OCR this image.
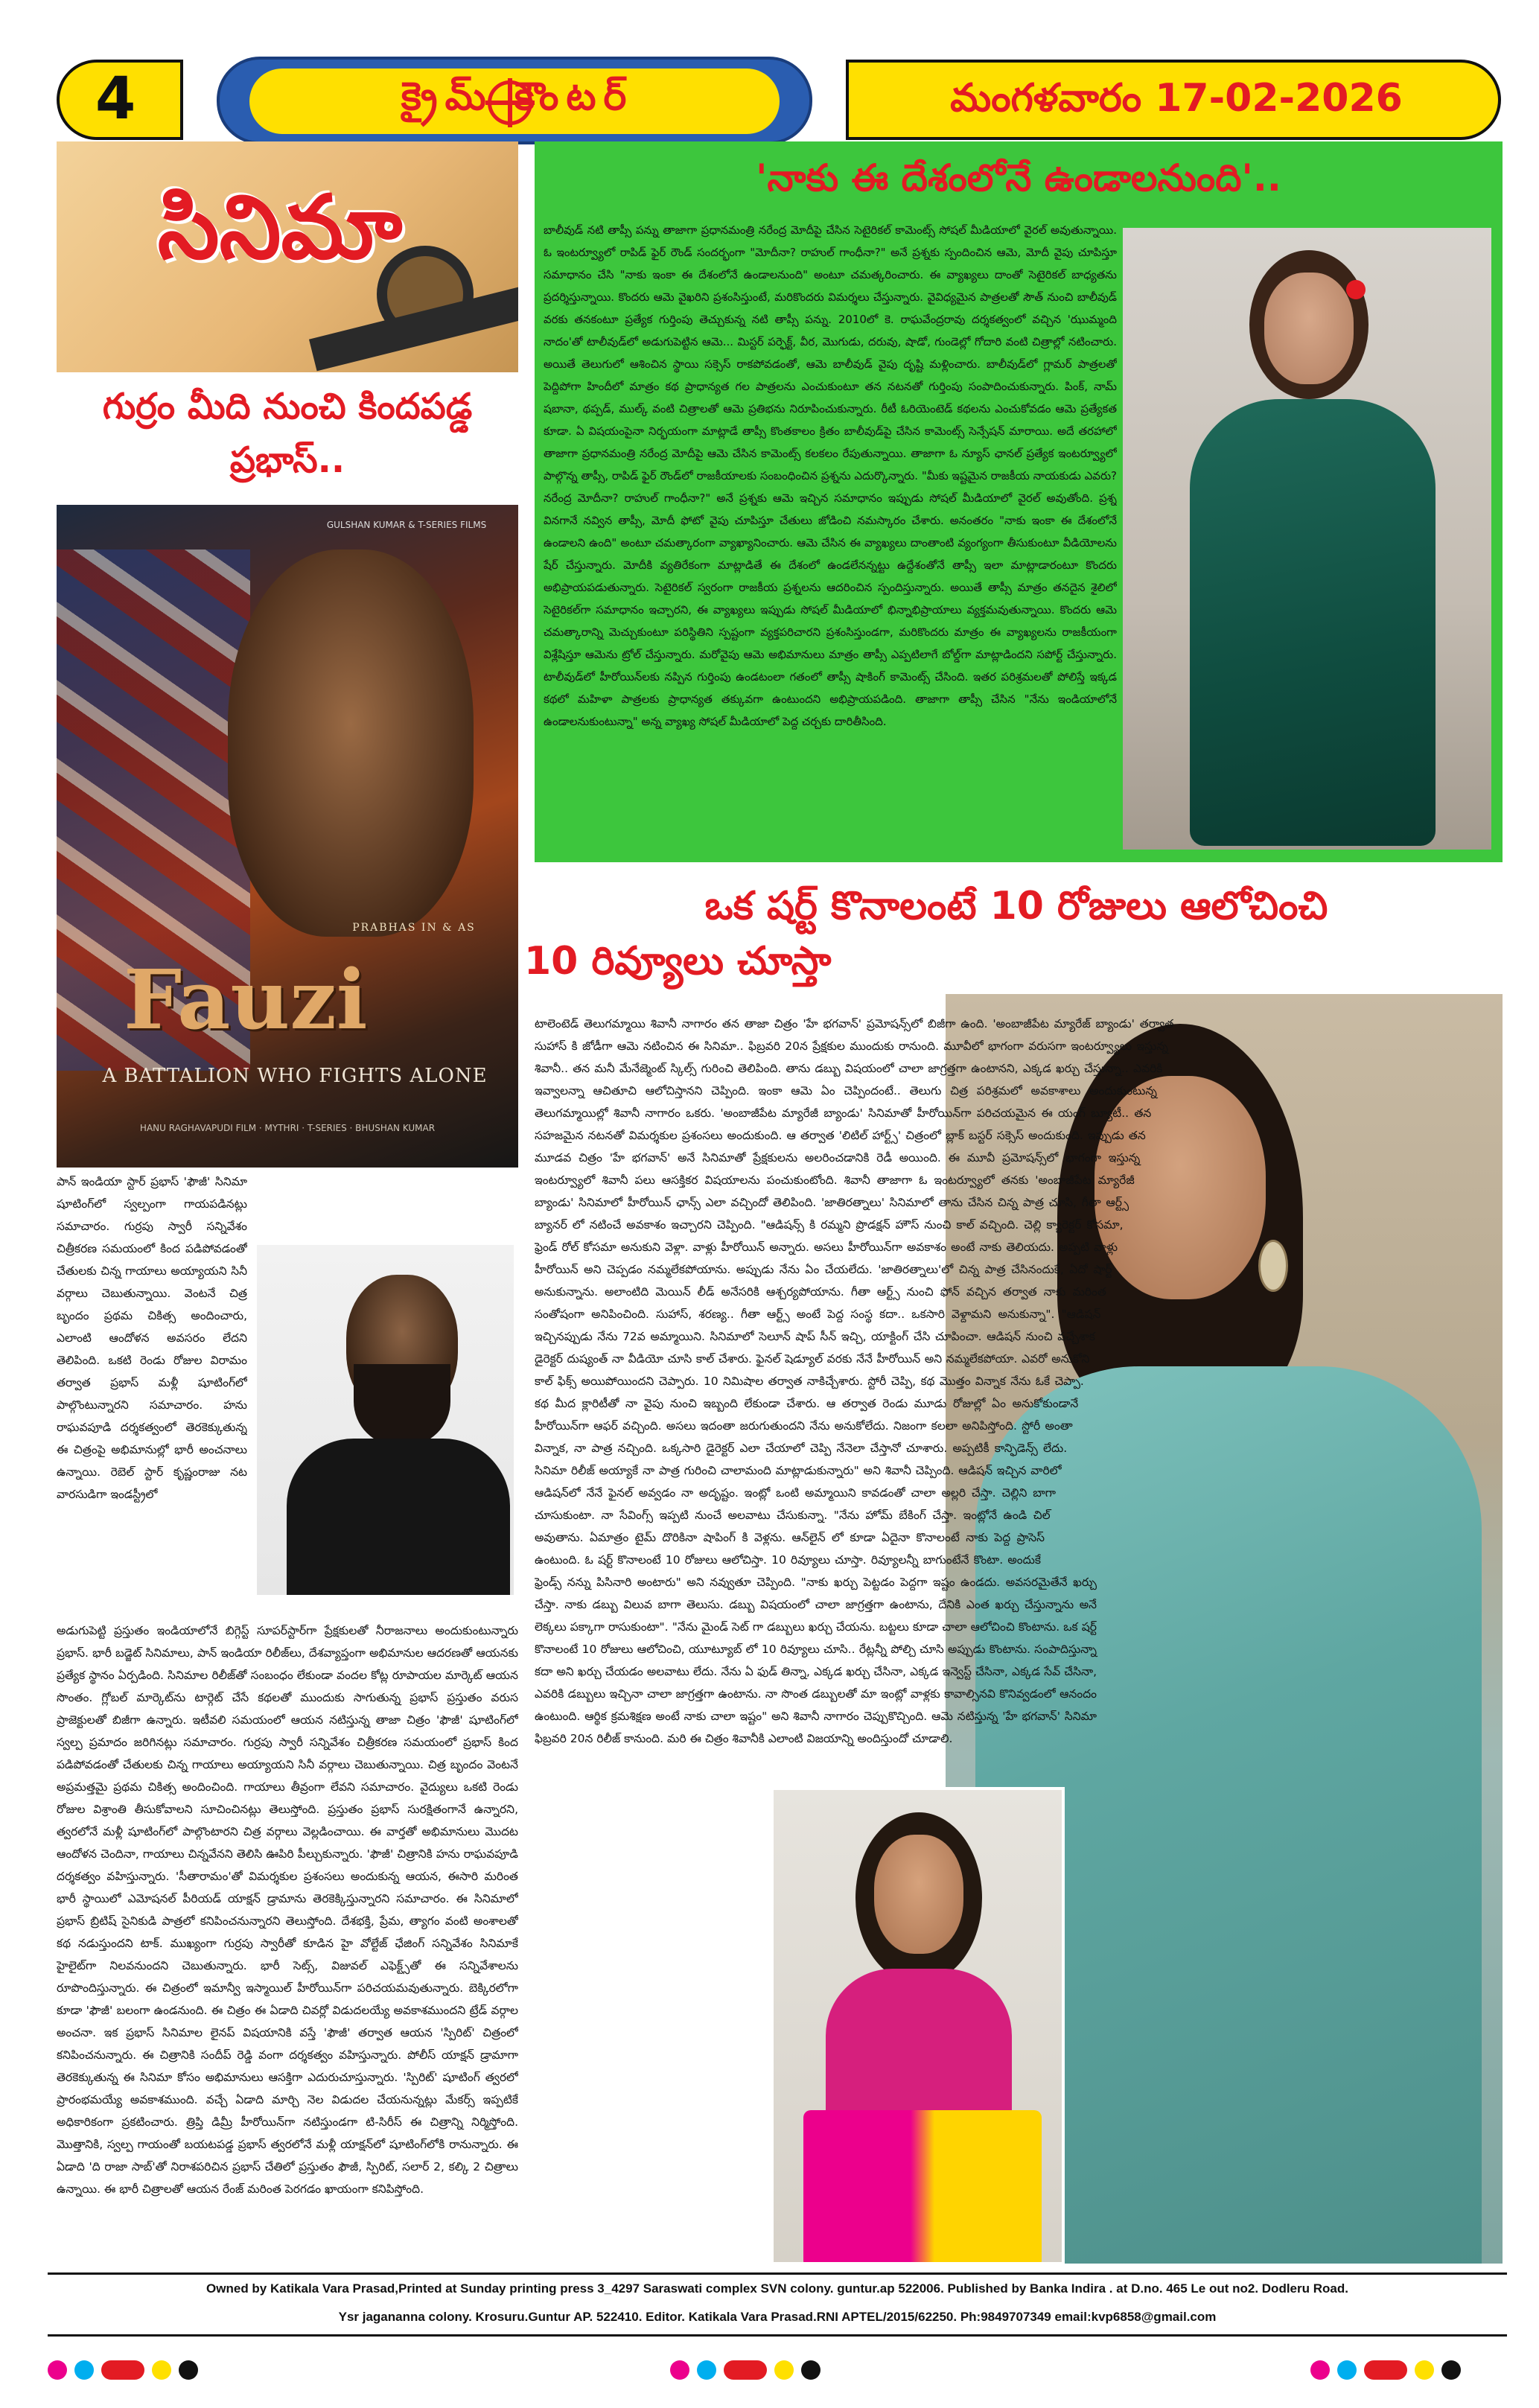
4	క్రైమ్ కౌంటర్	మంగళవారం 17-02-2026
సినిమా
గుర్రం మీది నుంచి కిందపడ్డ ప్రభాస్..
GULSHAN KUMAR & T-SERIES FILMS
PRABHAS IN & AS
Fauzi
A BATTALION WHO FIGHTS ALONE
HANU RAGHAVAPUDI FILM · MYTHRI · T-SERIES · BHUSHAN KUMAR

పాన్ ఇండియా స్టార్ ప్రభాస్ 'ఫౌజీ' సినిమా షూటింగ్‌లో స్వల్పంగా గాయపడినట్లు సమాచారం. గుర్రపు స్వారీ సన్నివేశం చిత్రీకరణ సమయంలో కింద పడిపోవడంతో చేతులకు చిన్న గాయాలు అయ్యాయని సినీ వర్గాలు చెబుతున్నాయి. వెంటనే చిత్ర బృందం ప్రథమ చికిత్స అందించారు, ఎలాంటి ఆందోళన అవసరం లేదని తెలిపింది. ఒకటి రెండు రోజుల విరామం తర్వాత ప్రభాస్ మళ్లీ షూటింగ్‌లో పాల్గొంటున్నారని సమాచారం. హను రాఘవపూడి దర్శకత్వంలో తెరకెక్కుతున్న ఈ చిత్రంపై అభిమానుల్లో భారీ అంచనాలు ఉన్నాయి. రెబెల్ స్టార్ కృష్ణంరాజు నట వారసుడిగా ఇండస్ట్రీలో

అడుగుపెట్టి ప్రస్తుతం ఇండియాలోనే బిగ్గెస్ట్ సూపర్‌స్టార్‌గా ప్రేక్షకులతో నీరాజనాలు అందుకుంటున్నారు ప్రభాస్. భారీ బడ్జెట్ సినిమాలు, పాన్ ఇండియా రిలీజ్‌లు, దేశవ్యాప్తంగా అభిమానుల ఆదరణతో ఆయనకు ప్రత్యేక స్థానం ఏర్పడింది. సినిమాల రిలీజ్‌తో సంబంధం లేకుండా వందల కోట్ల రూపాయల మార్కెట్ ఆయన సొంతం. గ్లోబల్ మార్కెట్‌ను టార్గెట్ చేసే కథలతో ముందుకు సాగుతున్న ప్రభాస్ ప్రస్తుతం వరుస ప్రాజెక్టులతో బిజీగా ఉన్నారు. ఇటీవలి సమయంలో ఆయన నటిస్తున్న తాజా చిత్రం 'ఫౌజీ' షూటింగ్‌లో స్వల్ప ప్రమాదం జరిగినట్లు సమాచారం. గుర్రపు స్వారీ సన్నివేశం చిత్రీకరణ సమయంలో ప్రభాస్ కింద పడిపోవడంతో చేతులకు చిన్న గాయాలు అయ్యాయని సినీ వర్గాలు చెబుతున్నాయి. చిత్ర బృందం వెంటనే అప్రమత్తమై ప్రథమ చికిత్స అందించింది. గాయాలు తీవ్రంగా లేవని సమాచారం. వైద్యులు ఒకటి రెండు రోజుల విశ్రాంతి తీసుకోవాలని సూచించినట్లు తెలుస్తోంది. ప్రస్తుతం ప్రభాస్ సురక్షితంగానే ఉన్నారని, త్వరలోనే మళ్లీ షూటింగ్‌లో పాల్గొంటారని చిత్ర వర్గాలు వెల్లడించాయి. ఈ వార్తతో అభిమానులు మొదట ఆందోళన చెందినా, గాయాలు చిన్నవేనని తెలిసి ఊపిరి పీల్చుకున్నారు. 'ఫౌజీ' చిత్రానికి హను రాఘవపూడి దర్శకత్వం వహిస్తున్నారు. 'సీతారామం'తో విమర్శకుల ప్రశంసలు అందుకున్న ఆయన, ఈసారి మరింత భారీ స్థాయిలో ఎమోషనల్ పీరియడ్ యాక్షన్ డ్రామాను తెరకెక్కిస్తున్నారని సమాచారం. ఈ సినిమాలో ప్రభాస్ బ్రిటిష్ సైనికుడి పాత్రలో కనిపించనున్నారని తెలుస్తోంది. దేశభక్తి, ప్రేమ, త్యాగం వంటి అంశాలతో కథ నడుస్తుందని టాక్. ముఖ్యంగా గుర్రపు స్వారీతో కూడిన హై వోల్టేజ్ ఛేజింగ్ సన్నివేశం సినిమాకే హైలైట్‌గా నిలవనుందని చెబుతున్నారు. భారీ సెట్స్, విజువల్ ఎఫెక్ట్స్‌తో ఈ సన్నివేశాలను రూపొందిస్తున్నారు. ఈ చిత్రంలో ఇమాన్వీ ఇస్మాయిల్ హీరోయిన్‌గా పరిచయమవుతున్నారు. బెక్కిరలోగా కూడా 'ఫౌజీ' బలంగా ఉండనుంది. ఈ చిత్రం ఈ ఏడాది చివర్లో విడుదలయ్యే అవకాశముందని ట్రేడ్ వర్గాల అంచనా. ఇక ప్రభాస్ సినిమాల లైనప్ విషయానికి వస్తే 'ఫౌజీ' తర్వాత ఆయన 'స్పిరిట్' చిత్రంలో కనిపించనున్నారు. ఈ చిత్రానికి సందీప్ రెడ్డి వంగా దర్శకత్వం వహిస్తున్నారు. పోలీస్ యాక్షన్ డ్రామాగా తెరకెక్కుతున్న ఈ సినిమా కోసం అభిమానులు ఆసక్తిగా ఎదురుచూస్తున్నారు. 'స్పిరిట్' షూటింగ్ త్వరలో ప్రారంభమయ్యే అవకాశముంది. వచ్చే ఏడాది మార్చి నెల విడుదల చేయనున్నట్లు మేకర్స్ ఇప్పటికే అధికారికంగా ప్రకటించారు. త్రిప్తి డిమ్రీ హీరోయిన్‌గా నటిస్తుండగా టి-సిరీస్ ఈ చిత్రాన్ని నిర్మిస్తోంది. మొత్తానికి, స్వల్ప గాయంతో బయటపడ్డ ప్రభాస్ త్వరలోనే మళ్లీ యాక్షన్‌లో షూటింగ్‌లోకి రానున్నారు. ఈ ఏడాది 'ది రాజా సాబ్'తో నిరాశపరిచిన ప్రభాస్ చేతిలో ప్రస్తుతం ఫౌజీ, స్పిరిట్, సలార్ 2, కల్కి 2 చిత్రాలు ఉన్నాయి. ఈ భారీ చిత్రాలతో ఆయన రేంజ్ మరింత పెరగడం ఖాయంగా కనిపిస్తోంది.

'నాకు ఈ దేశంలోనే ఉండాలనుంది'..

బాలీవుడ్ నటి తాప్సీ పన్ను తాజాగా ప్రధానమంత్రి నరేంద్ర మోదీపై చేసిన సెటైరికల్ కామెంట్స్ సోషల్ మీడియాలో వైరల్ అవుతున్నాయి. ఓ ఇంటర్వ్యూలో రాపిడ్ ఫైర్ రౌండ్ సందర్భంగా "మోదీనా? రాహుల్ గాంధీనా?" అనే ప్రశ్నకు స్పందించిన ఆమె, మోదీ వైపు చూపిస్తూ సమాధానం చేసి "నాకు ఇంకా ఈ దేశంలోనే ఉండాలనుంది" అంటూ చమత్కరించారు. ఈ వ్యాఖ్యలు దాంతో సెటైరికల్ బాధ్యతను ప్రదర్శిస్తున్నాయి. కొందరు ఆమె వైఖరిని ప్రశంసిస్తుంటే, మరికొందరు విమర్శలు చేస్తున్నారు. వైవిధ్యమైన పాత్రలతో సౌత్ నుంచి బాలీవుడ్ వరకు తనకంటూ ప్రత్యేక గుర్తింపు తెచ్చుకున్న నటి తాప్సీ పన్ను. 2010లో కె. రాఘవేంద్రరావు దర్శకత్వంలో వచ్చిన 'ఝుమ్మంది నాదం'తో టాలీవుడ్‌లో అడుగుపెట్టిన ఆమె... మిస్టర్ పర్ఫెక్ట్, వీర, మొగుడు, దరువు, షాడో, గుండెల్లో గోదారి వంటి చిత్రాల్లో నటించారు. అయితే తెలుగులో ఆశించిన స్థాయి సక్సెస్ రాకపోవడంతో, ఆమె బాలీవుడ్ వైపు దృష్టి మళ్లించారు. బాలీవుడ్‌లో గ్లామర్ పాత్రలతో పెద్దిపోగా హిందీలో మాత్రం కథ ప్రాధాన్యత గల పాత్రలను ఎంచుకుంటూ తన నటనతో గుర్తింపు సంపాదించుకున్నారు. పింక్, నామ్ షబానా, థప్పడ్, ముల్క్ వంటి చిత్రాలతో ఆమె ప్రతిభను నిరూపించుకున్నారు. రీటీ ఓరియెంటెడ్ కథలను ఎంచుకోవడం ఆమె ప్రత్యేకత కూడా. ఏ విషయంపైనా నిర్భయంగా మాట్లాడే తాప్సీ కొంతకాలం క్రితం బాలీవుడ్‌పై చేసిన కామెంట్స్ సెన్సేషన్ మారాయి. అదే తరహాలో తాజాగా ప్రధానమంత్రి నరేంద్ర మోదీపై ఆమె చేసిన కామెంట్స్ కలకలం రేపుతున్నాయి. తాజాగా ఓ న్యూస్ ఛానల్ ప్రత్యేక ఇంటర్వ్యూలో పాల్గొన్న తాప్సీ, రాపిడ్ ఫైర్ రౌండ్‌లో రాజకీయాలకు సంబంధించిన ప్రశ్నను ఎదుర్కొన్నారు. "మీకు ఇష్టమైన రాజకీయ నాయకుడు ఎవరు? నరేంద్ర మోదీనా? రాహుల్ గాంధీనా?" అనే ప్రశ్నకు ఆమె ఇచ్చిన సమాధానం ఇప్పుడు సోషల్ మీడియాలో వైరల్ అవుతోంది. ప్రశ్న వినగానే నవ్విన తాప్సీ, మోదీ ఫోటో వైపు చూపిస్తూ చేతులు జోడించి నమస్కారం చేశారు. అనంతరం "నాకు ఇంకా ఈ దేశంలోనే ఉండాలని ఉంది" అంటూ చమత్కారంగా వ్యాఖ్యానించారు. ఆమె చేసిన ఈ వ్యాఖ్యలు దాంతాంటి వ్యంగ్యంగా తీసుకుంటూ వీడియోలను షేర్ చేస్తున్నారు. మోదీకి వ్యతిరేకంగా మాట్లాడితే ఈ దేశంలో ఉండలేనన్నట్టు ఉద్దేశంతోనే తాప్సీ ఇలా మాట్లాడారంటూ కొందరు అభిప్రాయపడుతున్నారు. సెటైరికల్ స్వరంగా రాజకీయ ప్రశ్నలను ఆదరించిన స్పందిస్తున్నారు. అయితే తాప్సీ మాత్రం తనదైన శైలిలో సెటైరికల్‌గా సమాధానం ఇచ్చారని, ఈ వ్యాఖ్యలు ఇప్పుడు సోషల్ మీడియాలో భిన్నాభిప్రాయాలు వ్యక్తమవుతున్నాయి. కొందరు ఆమె చమత్కారాన్ని మెచ్చుకుంటూ పరిస్థితిని స్పష్టంగా వ్యక్తపరిచారని ప్రశంసిస్తుండగా, మరికొందరు మాత్రం ఈ వ్యాఖ్యలను రాజకీయంగా విశ్లేషిస్తూ ఆమెను ట్రోల్ చేస్తున్నారు. మరోవైపు ఆమె అభిమానులు మాత్రం తాప్సీ ఎప్పటిలాగే బోల్డ్‌గా మాట్లాడిందని సపోర్ట్ చేస్తున్నారు. టాలీవుడ్‌లో హీరోయిన్‌లకు నప్పిన గుర్తింపు ఉండటంలా గతంలో తాప్సీ షాకింగ్ కామెంట్స్ చేసింది. ఇతర పరిశ్రమలతో పోలిస్తే ఇక్కడ కథలో మహిళా పాత్రలకు ప్రాధాన్యత తక్కువగా ఉంటుందని అభిప్రాయపడింది. తాజాగా తాప్సీ చేసిన "నేను ఇండియాలోనే ఉండాలనుకుంటున్నా" అన్న వ్యాఖ్య సోషల్ మీడియాలో పెద్ద చర్చకు దారితీసింది.

ఒక షర్ట్ కొనాలంటే 10 రోజులు ఆలోచించి
10 రివ్యూలు చూస్తా

టాలెంటెడ్ తెలుగమ్మాయి శివానీ నాగారం తన తాజా చిత్రం 'హే భగవాన్' ప్రమోషన్స్‌లో బిజీగా ఉంది. 'అంబాజీపేట మ్యారేజ్ బ్యాండు' తర్వాత సుహాస్ కి జోడీగా ఆమె నటించిన ఈ సినిమా.. ఫిబ్రవరి 20న ప్రేక్షకుల ముందుకు రానుంది. మూవీలో భాగంగా వరుసగా ఇంటర్వ్యూలు ఇస్తున్న శివానీ.. తన మనీ మేనేజ్మెంట్ స్కిల్స్ గురించి తెలిపింది. తాను డబ్బు విషయంలో చాలా జాగ్రత్తగా ఉంటానని, ఎక్కడ ఖర్చు చేస్తున్నా.. ఎవరికి ఇవ్వాలన్నా ఆచితూచి ఆలోచిస్తానని చెప్పింది. ఇంకా ఆమె ఏం చెప్పిందంటే.. తెలుగు చిత్ర పరిశ్రమలో అవకాశాలు అందుకుంటున్న తెలుగమ్మాయిల్లో శివానీ నాగారం ఒకరు. 'అంబాజీపేట మ్యారేజీ బ్యాండు' సినిమాతో హీరోయిన్‌గా పరిచయమైన ఈ యంగ్ బ్యూటీ.. తన సహజమైన నటనతో విమర్శకుల ప్రశంసలు అందుకుంది. ఆ తర్వాత 'లిటిల్ హార్ట్స్' చిత్రంలో బ్లాక్ బస్టర్ సక్సెస్ అందుకుంది. ఇప్పుడు తన మూడవ చిత్రం 'హే భగవాన్' అనే సినిమాతో ప్రేక్షకులను అలరించడానికి రెడీ అయింది. ఈ మూవీ ప్రమోషన్స్‌లో భాగంగా ఇస్తున్న ఇంటర్వ్యూలో శివానీ పలు ఆసక్తికర విషయాలను పంచుకుంటోంది. శివానీ తాజాగా ఓ ఇంటర్వ్యూలో తనకు 'అంబాజీపేట మ్యారేజీ బ్యాండు' సినిమాలో హీరోయిన్ ఛాన్స్ ఎలా వచ్చిందో తెలిపింది. 'జాతిరత్నాలు' సినిమాలో తాను చేసిన చిన్న పాత్ర చూసి, గీతా ఆర్ట్స్ బ్యానర్ లో నటించే అవకాశం ఇచ్చారని చెప్పింది. "ఆడిషన్స్ కి రమ్మని ప్రొడక్షన్ హౌస్ నుంచి కాల్ వచ్చింది. చెల్లి క్యారెక్టర్ కోసమా, ఫ్రెండ్ రోల్ కోసమా అనుకుని వెళ్లా. వాళ్లు హీరోయిన్ అన్నారు. అసలు హీరోయిన్‌గా అవకాశం అంటే నాకు తెలియదు. అప్పటి వాళ్లు హీరోయిన్ అని చెప్పడం నమ్మలేకపోయాను. అప్పుడు నేను ఏం చేయలేదు. 'జాతిరత్నాలు'లో చిన్న పాత్ర చేసినందుకే, ఏదో షార్ట్ అనుకున్నాను. అలాంటిది మెయిన్ లీడ్ అనేసరికి ఆశ్చర్యపోయాను. గీతా ఆర్ట్స్ నుంచి ఫోన్ వచ్చిన తర్వాత నాకు మరింత సంతోషంగా అనిపించింది. సుహాస్, శరణ్య.. గీతా ఆర్ట్స్ అంటే పెద్ద సంస్థ కదా.. ఒకసారి వెళ్దామని అనుకున్నా". "ఆడిషన్ ఇచ్చినప్పుడు నేను 72వ అమ్మాయిని. సినిమాలో సెలూన్ షాప్ సీన్ ఇచ్చి, యాక్టింగ్ చేసి చూపించా. ఆడిషన్ నుంచి వచ్చేశాక డైరెక్టర్ దుష్యంత్ నా వీడియో చూసి కాల్ చేశారు. ఫైనల్ షెడ్యూల్ వరకు నేనే హీరోయిన్ అని నమ్మలేకపోయా. ఎవరో అనుకోని కాల్ ఫిక్స్ అయిపోయిందని చెప్పారు. 10 నిమిషాల తర్వాత నాకిచ్చేశారు. స్టోరీ చెప్పి, కథ మొత్తం విన్నాక నేను ఓకే చెప్పా. కథ మీద క్లారిటీతో నా వైపు నుంచి ఇబ్బంది లేకుండా చేశారు. ఆ తర్వాత రెండు మూడు రోజుల్లో ఏం అనుకోకుండానే హీరోయిన్‌గా ఆఫర్ వచ్చింది. అసలు ఇదంతా జరుగుతుందని నేను అనుకోలేదు. నిజంగా కలలా అనిపిస్తోంది. స్టోరీ అంతా విన్నాక, నా పాత్ర నచ్చింది. ఒక్కసారి డైరెక్టర్ ఎలా చేయాలో చెప్పి నేనెలా చేస్తానో చూశారు. అప్పటికీ కాన్ఫిడెన్స్ లేదు. సినిమా రిలీజ్ అయ్యాకే నా పాత్ర గురించి చాలామంది మాట్లాడుకున్నారు" అని శివానీ చెప్పింది. ఆడిషన్ ఇచ్చిన వారిలో ఆడిషన్‌లో నేనే ఫైనల్ అవ్వడం నా అదృష్టం. ఇంట్లో ఒంటి అమ్మాయిని కావడంతో చాలా అల్లరి చేస్తా. చెల్లిని బాగా చూసుకుంటా. నా సేవింగ్స్ ఇప్పటి నుంచే అలవాటు చేసుకున్నా. "నేను హోమ్ బేకింగ్ చేస్తా. ఇంట్లోనే ఉండి చిల్ అవుతాను. ఏమాత్రం టైమ్ దొరికినా షాపింగ్ కి వెళ్లను. ఆన్‌లైన్ లో కూడా ఏదైనా కొనాలంటే నాకు పెద్ద ప్రాసెస్ ఉంటుంది. ఓ షర్ట్ కొనాలంటే 10 రోజులు ఆలోచిస్తా. 10 రివ్యూలు చూస్తా. రివ్యూలన్నీ బాగుంటేనే కొంటా. అందుకే ఫ్రెండ్స్ నన్ను పిసినారి అంటారు" అని నవ్వుతూ చెప్పింది. "నాకు ఖర్చు పెట్టడం పెద్దగా ఇష్టం ఉండదు. అవసరమైతేనే ఖర్చు చేస్తా. నాకు డబ్బు విలువ బాగా తెలుసు. డబ్బు విషయంలో చాలా జాగ్రత్తగా ఉంటాను, దేనికి ఎంత ఖర్చు చేస్తున్నాను అనే లెక్కలు పక్కాగా రాసుకుంటా". "నేను మైండ్ సెట్ గా డబ్బులు ఖర్చు చేయను. బట్టలు కూడా చాలా ఆలోచించి కొంటాను. ఒక షర్ట్ కొనాలంటే 10 రోజులు ఆలోచించి, యూట్యూబ్ లో 10 రివ్యూలు చూసి.. రేట్లన్నీ పోల్చి చూసి అప్పుడు కొంటాను. సంపాదిస్తున్నా కదా అని ఖర్చు చేయడం అలవాటు లేదు. నేను ఏ ఫుడ్ తిన్నా, ఎక్కడ ఖర్చు చేసినా, ఎక్కడ ఇన్వెస్ట్ చేసినా, ఎక్కడ సేవ్ చేసినా, ఎవరికి డబ్బులు ఇచ్చినా చాలా జాగ్రత్తగా ఉంటాను. నా సొంత డబ్బులతో మా ఇంట్లో వాళ్లకు కావాల్సినవి కొనివ్వడంలో ఆనందం ఉంటుంది. ఆర్థిక క్రమశిక్షణ అంటే నాకు చాలా ఇష్టం" అని శివానీ నాగారం చెప్పుకొచ్చింది. ఆమె నటిస్తున్న 'హే భగవాన్' సినిమా ఫిబ్రవరి 20న రిలీజ్ కానుంది. మరి ఈ చిత్రం శివానీకి ఎలాంటి విజయాన్ని అందిస్తుందో చూడాలి.

Owned by Katikala Vara Prasad,Printed at Sunday printing press 3_4297 Saraswati complex SVN colony. guntur.ap 522006. Published by Banka Indira . at D.no. 465 Le out no2. Dodleru Road.
Ysr jagananna colony. Krosuru.Guntur AP. 522410. Editor. Katikala Vara Prasad.RNI APTEL/2015/62250. Ph:9849707349 email:kvp6858@gmail.com
